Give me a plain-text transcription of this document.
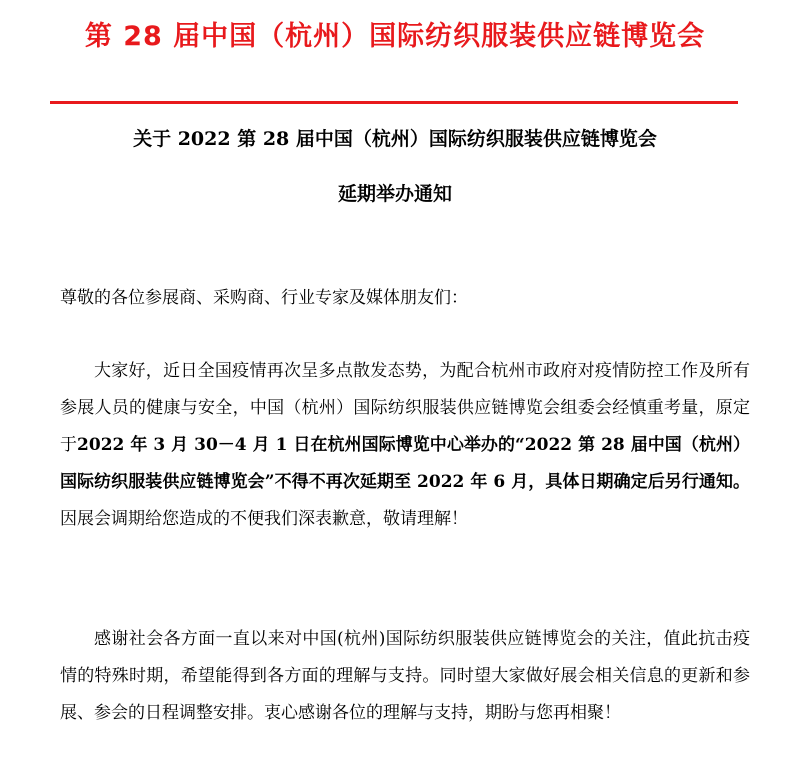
第 28 届中国（杭州）国际纺织服装供应链博览会
关于 2022 第 28 届中国（杭州）国际纺织服装供应链博览会
延期举办通知
尊敬的各位参展商、采购商、行业专家及媒体朋友们：

大家好，近日全国疫情再次呈多点散发态势，为配合杭州市政府对疫情防控工作及所有参展人员的健康与安全，中国（杭州）国际纺织服装供应链博览会组委会经慎重考量，原定于2022 年 3 月 30－4 月 1 日在杭州国际博览中心举办的“2022 第 28 届中国（杭州）国际纺织服装供应链博览会”不得不再次延期至 2022 年 6 月，具体日期确定后另行通知。因展会调期给您造成的不便我们深表歉意，敬请理解！

感谢社会各方面一直以来对中国(杭州)国际纺织服装供应链博览会的关注，值此抗击疫情的特殊时期，希望能得到各方面的理解与支持。同时望大家做好展会相关信息的更新和参展、参会的日程调整安排。衷心感谢各位的理解与支持，期盼与您再相聚！
